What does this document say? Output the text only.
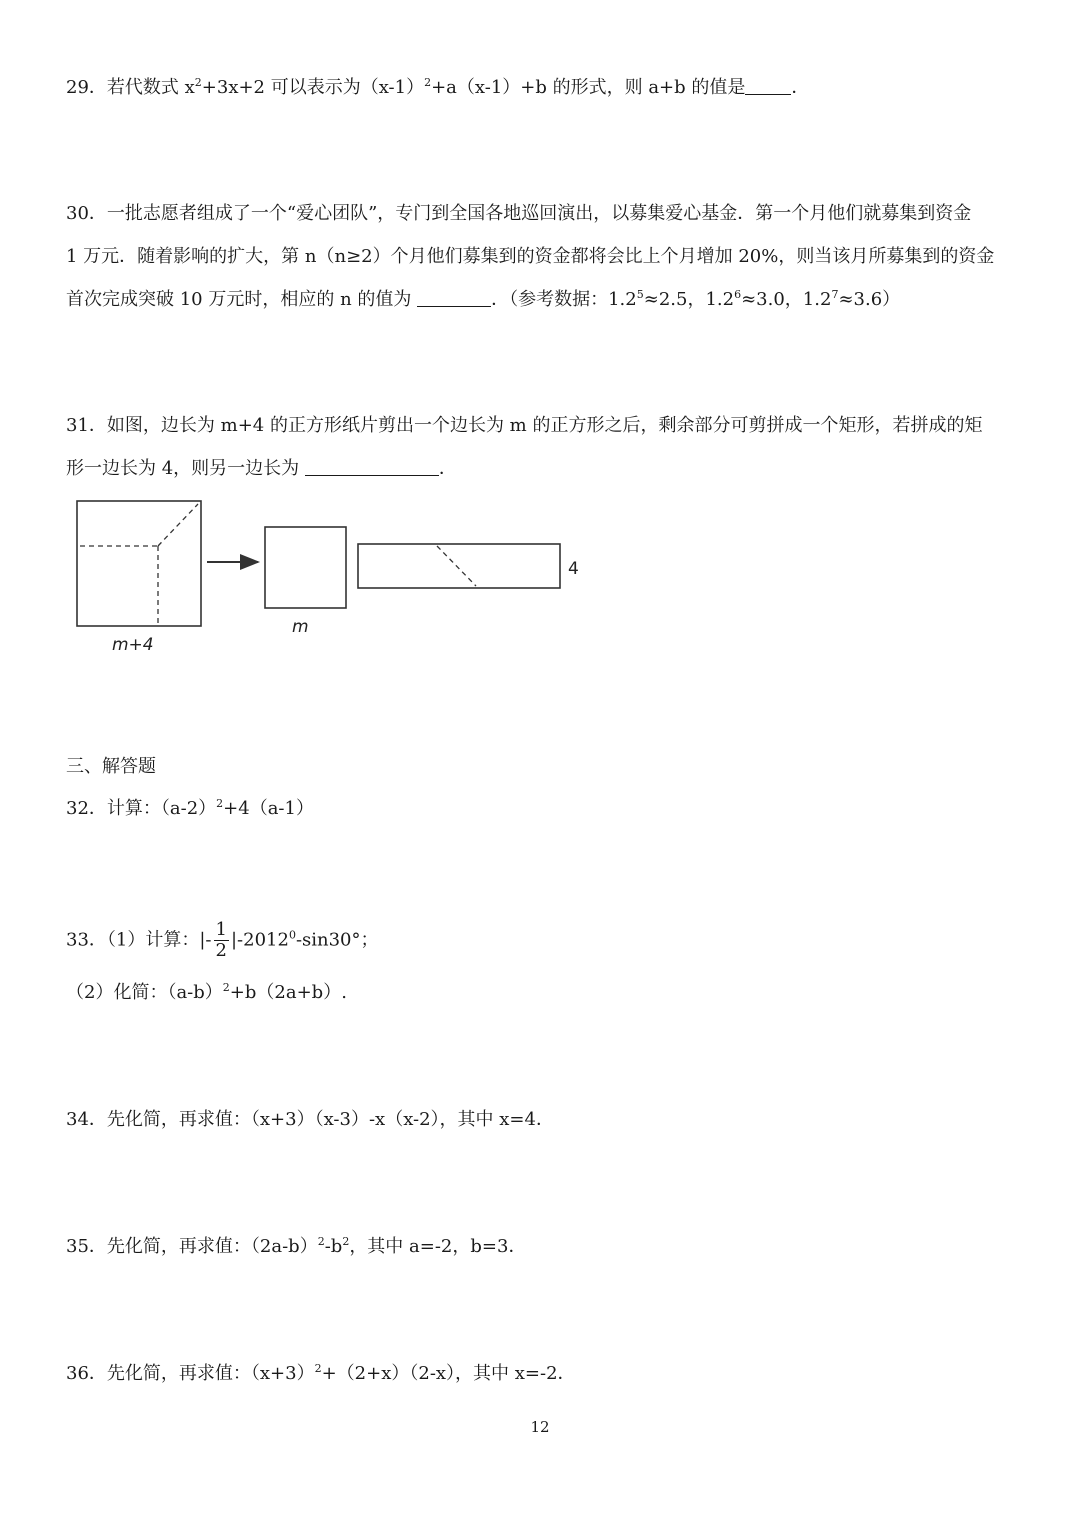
29．若代数式 $x^2+3x+2$ 可以表示为$(x-1)^2+a(x-1)+b$ 的形式，则 a+b 的值是	．
30．一批志愿者组成了一个“爱心团队”，专门到全国各地巡回演出，以募集爱心基金．第一个月他们就募集到资金
1 万元．随着影响的扩大，第 n（n≥2）个月他们募集到的资金都将会比上个月增加 20%，则当该月所募集到的资金
首次完成突破 10 万元时，相应的 n 的值为	．（参考数据：$1.2^5\approx 2.5$，$1.2^6\approx 3.0$，$1.2^7\approx 3.6$）
31．如图，边长为 m+4 的正方形纸片剪出一个边长为 m 的正方形之后，剩余部分可剪拼成一个矩形，若拼成的矩
形一边长为 4，则另一边长为	．
m+4
m
4
三、解答题
32．计算：$(a-2)^2+4(a-1)$
33．（1）计算：|- $\frac{1}{2} |-2012^0-\sin 30^\circ$；
（2）化简：$(a-b)^2+b(2a+b)$.
34．先化简，再求值：（x+3）（x-3）-x（x-2），其中 x=4．
35．先化简，再求值：$(2a-b)^2-b^2$，其中 a=-2，b=3．
36．先化简，再求值：$(x+3)^2+(2+x)(2-x)$，其中 x=-2．
12
